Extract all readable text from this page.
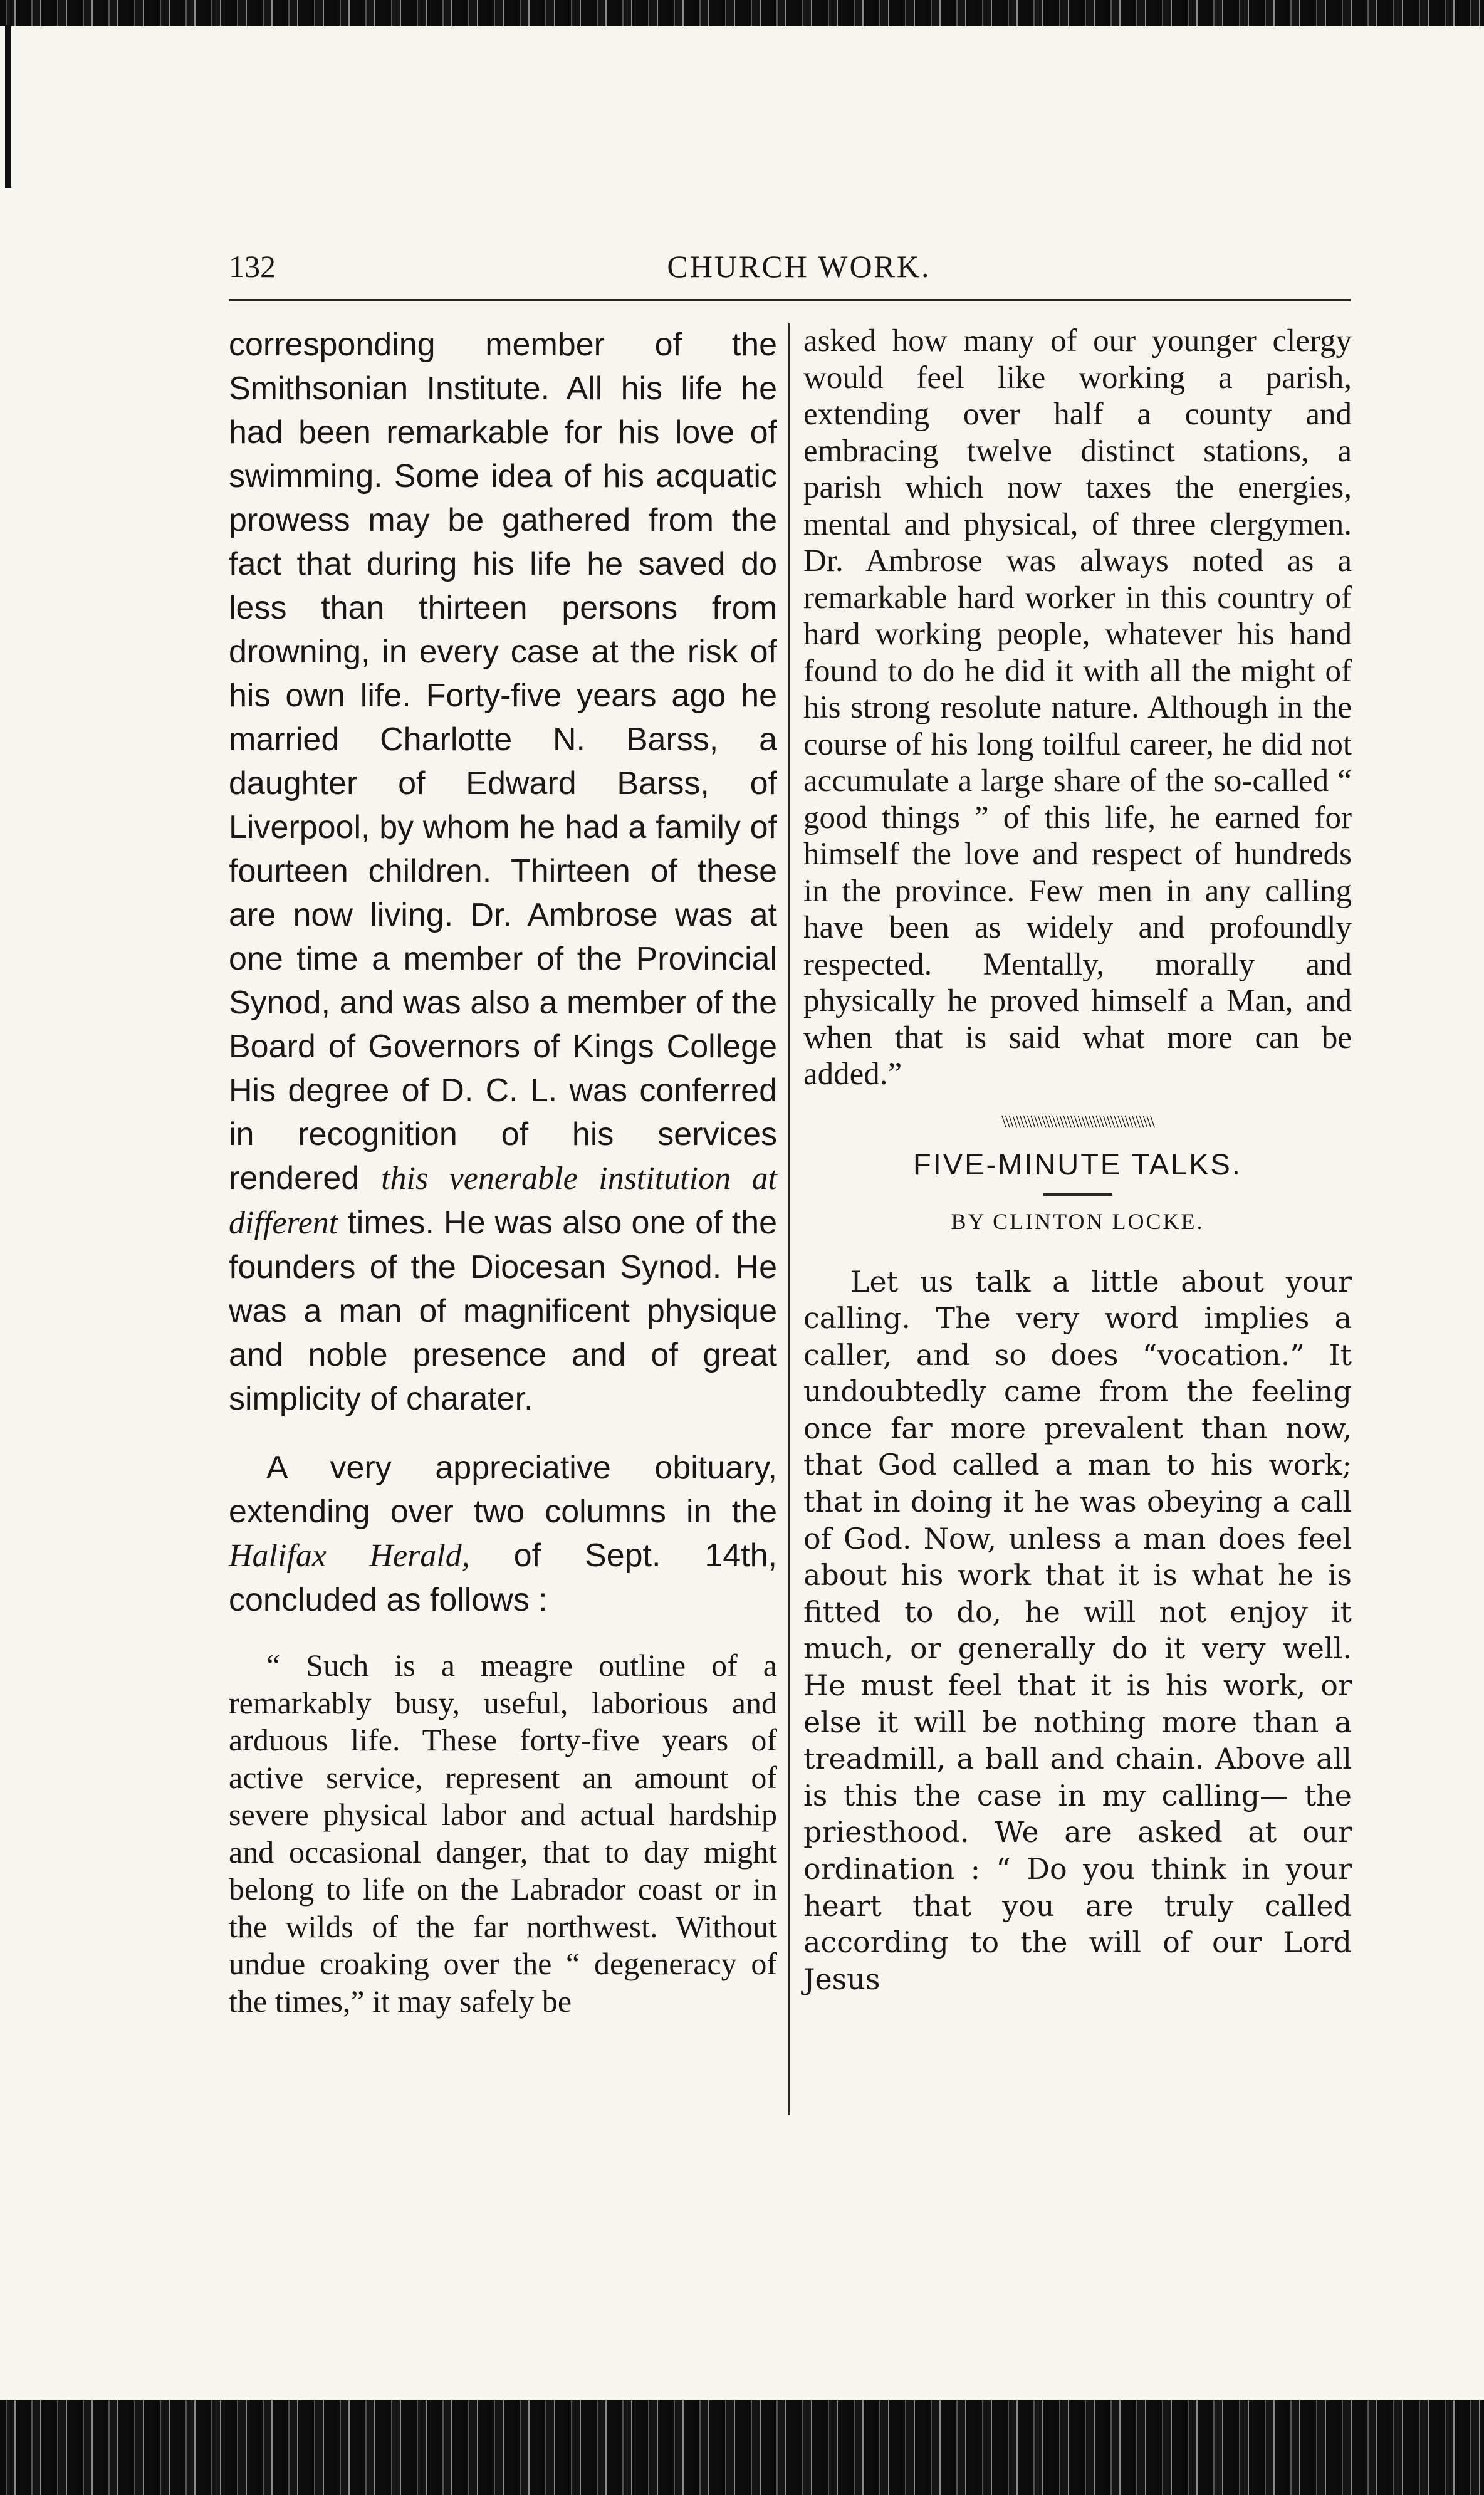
132	CHURCH WORK.

corresponding member of the Smithsonian Institute. All his life he had been remarkable for his love of swimming. Some idea of his acquatic prowess may be gathered from the fact that during his life he saved do less than thirteen persons from drowning, in every case at the risk of his own life. Forty-five years ago he married Charlotte N. Barss, a daughter of Edward Barss, of Liverpool, by whom he had a family of fourteen children. Thirteen of these are now living. Dr. Ambrose was at one time a member of the Provincial Synod, and was also a member of the Board of Governors of Kings College His degree of D. C. L. was conferred in recognition of his services rendered this venerable institution at different times. He was also one of the founders of the Diocesan Synod. He was a man of magnificent physique and noble presence and of great simplicity of charater.

A very appreciative obituary, extending over two columns in the Halifax Herald, of Sept. 14th, concluded as follows :

“ Such is a meagre outline of a remarkably busy, useful, laborious and arduous life. These forty-five years of active service, represent an amount of severe physical labor and actual hardship and occasional danger, that to day might belong to life on the Labrador coast or in the wilds of the far northwest. Without undue croaking over the “ degeneracy of the times,” it may safely be

asked how many of our younger clergy would feel like working a parish, extending over half a county and embracing twelve distinct stations, a parish which now taxes the energies, mental and physical, of three clergymen. Dr. Ambrose was always noted as a remarkable hard worker in this country of hard working people, whatever his hand found to do he did it with all the might of his strong resolute nature. Although in the course of his long toilful career, he did not accumulate a large share of the so-called “ good things ” of this life, he earned for himself the love and respect of hundreds in the province. Few men in any calling have been as widely and profoundly respected. Mentally, morally and physically he proved himself a Man, and when that is said what more can be added.”

\\\\\\\\\\\\\\\\\\\\\\\\\\\\\\\\\\\\\\\\\\
FIVE-MINUTE TALKS.
BY CLINTON LOCKE.

Let us talk a little about your calling. The very word implies a caller, and so does “vocation.” It undoubtedly came from the feeling once far more prevalent than now, that God called a man to his work; that in doing it he was obeying a call of God. Now, unless a man does feel about his work that it is what he is fitted to do, he will not enjoy it much, or generally do it very well. He must feel that it is his work, or else it will be nothing more than a treadmill, a ball and chain. Above all is this the case in my calling— the priesthood. We are asked at our ordination : “ Do you think in your heart that you are truly called according to the will of our Lord Jesus
